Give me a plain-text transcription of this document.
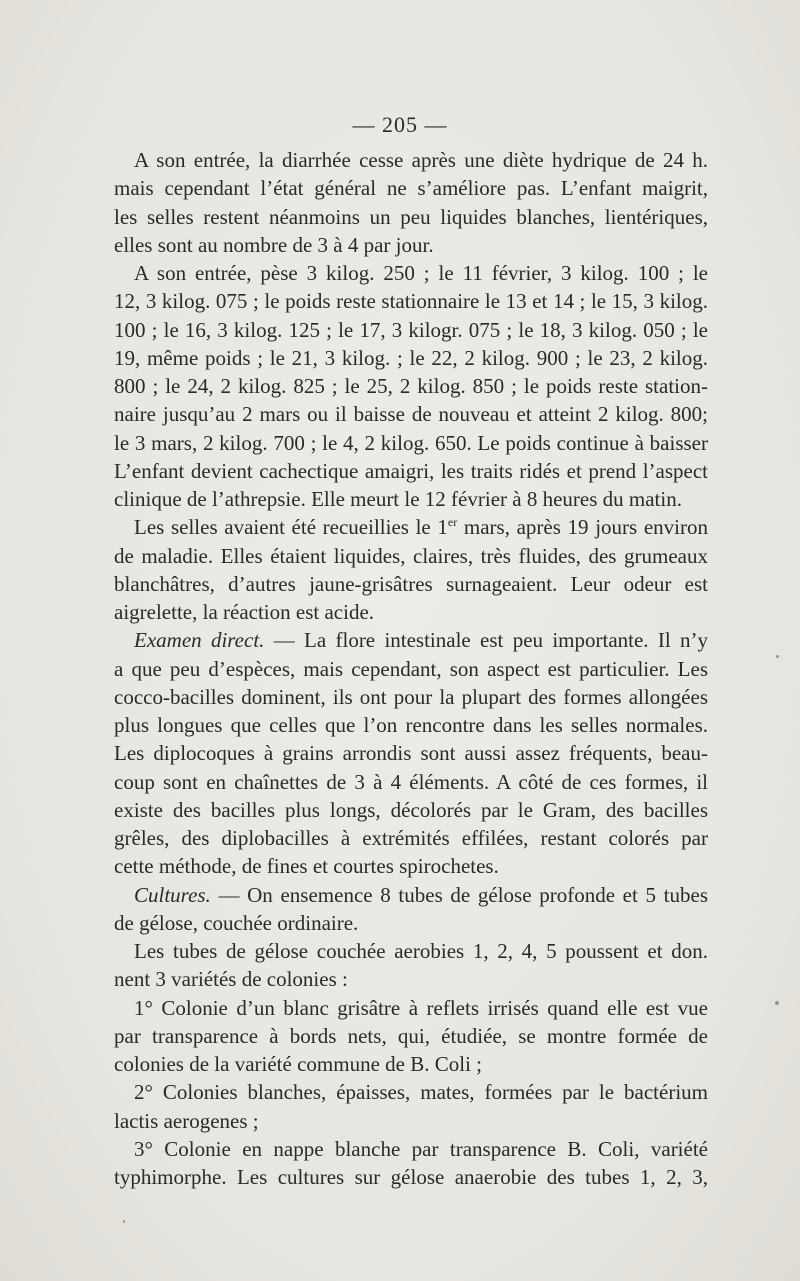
— 205 —
A son entrée, la diarrhée cesse après une diète hydrique de 24 h.
mais cependant l’état général ne s’améliore pas. L’enfant maigrit,
les selles restent néanmoins un peu liquides blanches, lientériques,
elles sont au nombre de 3 à 4 par jour.
A son entrée, pèse 3 kilog. 250 ; le 11 février, 3 kilog. 100 ; le
12, 3 kilog. 075 ; le poids reste stationnaire le 13 et 14 ; le 15, 3 kilog.
100 ; le 16, 3 kilog. 125 ; le 17, 3 kilogr. 075 ; le 18, 3 kilog. 050 ; le
19, même poids ; le 21, 3 kilog. ; le 22, 2 kilog. 900 ; le 23, 2 kilog.
800 ; le 24, 2 kilog. 825 ; le 25, 2 kilog. 850 ; le poids reste station-
naire jusqu’au 2 mars ou il baisse de nouveau et atteint 2 kilog. 800;
le 3 mars, 2 kilog. 700 ; le 4, 2 kilog. 650. Le poids continue à baisser
L’enfant devient cachectique amaigri, les traits ridés et prend l’aspect
clinique de l’athrepsie. Elle meurt le 12 février à 8 heures du matin.
Les selles avaient été recueillies le 1er mars, après 19 jours environ
de maladie. Elles étaient liquides, claires, très fluides, des grumeaux
blanchâtres, d’autres jaune-grisâtres surnageaient. Leur odeur est
aigrelette, la réaction est acide.
Examen direct. — La flore intestinale est peu importante. Il n’y
a que peu d’espèces, mais cependant, son aspect est particulier. Les
cocco-bacilles dominent, ils ont pour la plupart des formes allongées
plus longues que celles que l’on rencontre dans les selles normales.
Les diplocoques à grains arrondis sont aussi assez fréquents, beau-
coup sont en chaînettes de 3 à 4 éléments. A côté de ces formes, il
existe des bacilles plus longs, décolorés par le Gram, des bacilles
grêles, des diplobacilles à extrémités effilées, restant colorés par
cette méthode, de fines et courtes spirochetes.
Cultures. — On ensemence 8 tubes de gélose profonde et 5 tubes
de gélose, couchée ordinaire.
Les tubes de gélose couchée aerobies 1, 2, 4, 5 poussent et don.
nent 3 variétés de colonies :
1° Colonie d’un blanc grisâtre à reflets irrisés quand elle est vue
par transparence à bords nets, qui, étudiée, se montre formée de
colonies de la variété commune de B. Coli ;
2° Colonies blanches, épaisses, mates, formées par le bactérium
lactis aerogenes ;
3° Colonie en nappe blanche par transparence B. Coli, variété
typhimorphe. Les cultures sur gélose anaerobie des tubes 1, 2, 3,
